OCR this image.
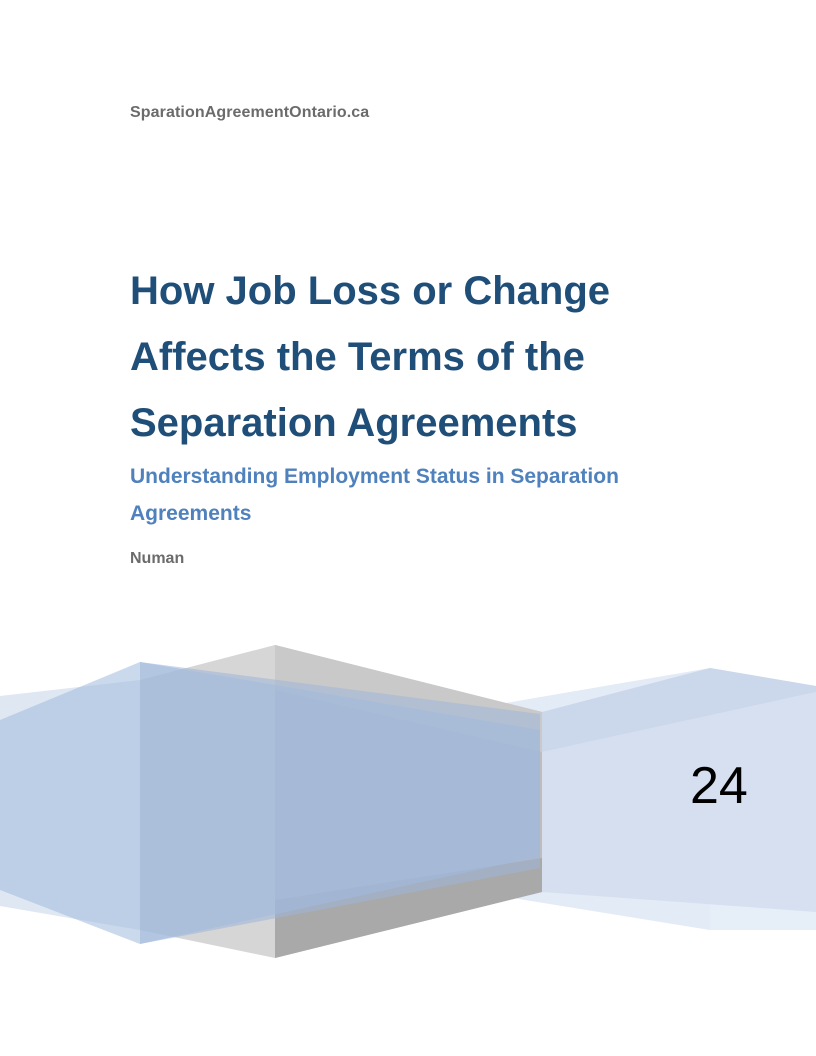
SparationAgreementOntario.ca
How Job Loss or Change
Affects the Terms of the
Separation Agreements
Understanding Employment Status in Separation
Agreements
Numan
24
